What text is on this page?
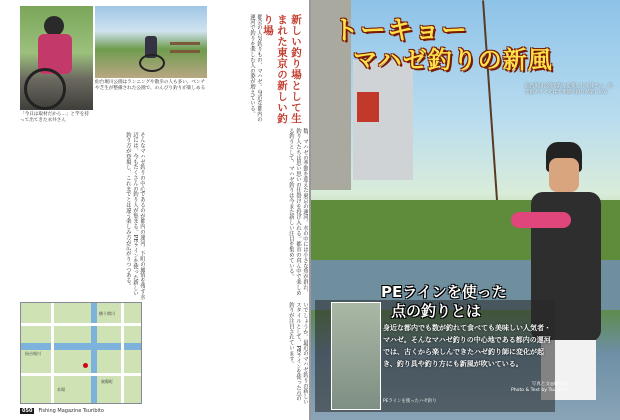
「今日は取材だから…」と竿を持って出てきた永井さん
仙台堀川公園はランニングや散歩の人も多い。ベンチや芝生が整備された公園で、のんびり釣りが楽しめる	新しい釣り場として生まれた東京の新しい釣り場
都会の人気釣りもの、マハゼ。身近な都内の運河で釣りを楽しむ人の姿が増えている。
数、マハゼの季節を迎えた東京の運河。水の中には小さな魚が群れ、釣り人たちは思い思いの仕掛けを投げ入れる。都市の真ん中で楽しめる釣りとして、マハゼ釣りは今また新しい注目を集めている。
そんなマハゼ釣りの中心であるのが都内の運河。下町の風情を残す水辺には、今もたくさんの釣り人が集まる。PEラインを使った新しい釣り方が登場し、これまでとは違う楽しみ方が広がりつつある。
いでしょうか。最近のマハゼ釣りの新しいスタイルとして、PEラインを使った点の釣りが注目されています。
仙台堀川
東陽町
木場
横十間川
050	Fishing Magazine Tsuribito
トーキョー
マハゼ釣りの新風
仙台堀川公園で釣りを楽しむ永井さん。住宅街のすぐそばで季節の釣りが楽しめる
PEラインを使った
点の釣りとは
身近な都内でも数が釣れて食べても美味しい人気者・マハゼ。そんなマハゼ釣りの中心地である都内の運河では、古くから楽しんできたハゼ釣り師に変化が起き、釣り具や釣り方にも新風が吹いている。
写真と文◎編集部
Photo & Text by Tsuribito
PEラインを使ったハゼ釣り
